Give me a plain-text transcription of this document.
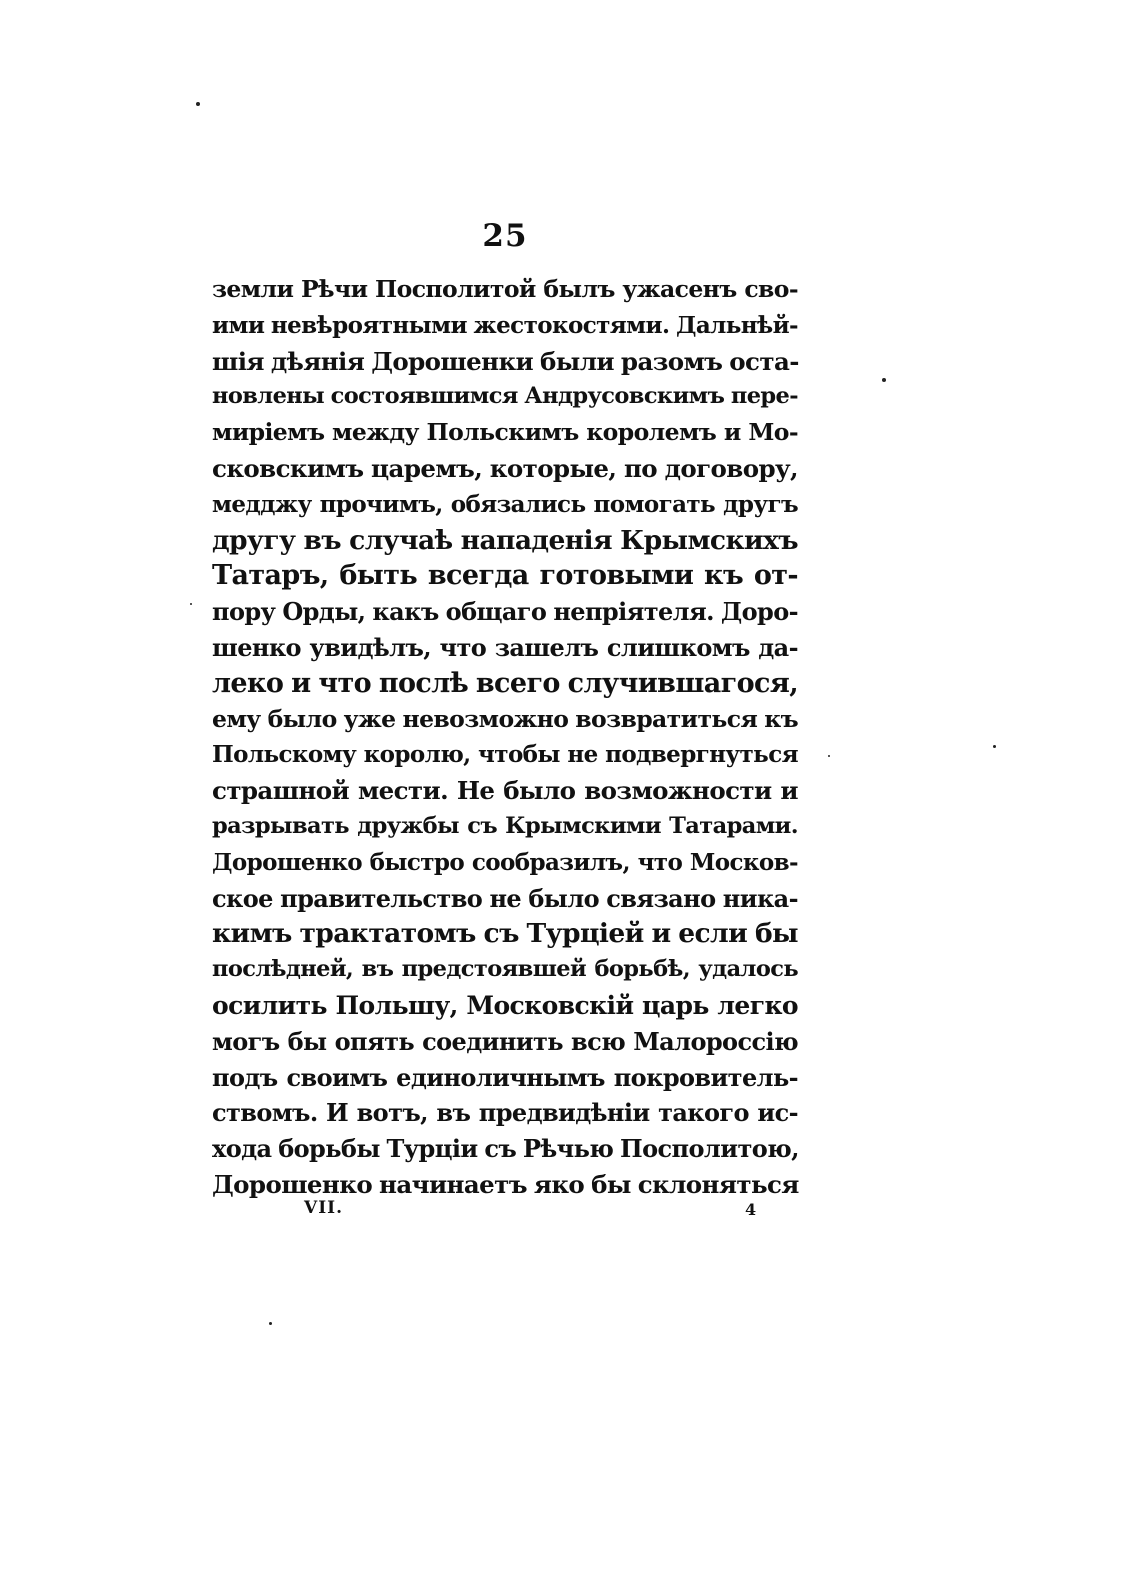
25
земли Рѣчи Посполитой былъ ужасенъ сво-
ими невѣроятными жестокостями. Дальнѣй-
шія дѣянія Дорошенки были разомъ оста-
новлены состоявшимся Андрусовскимъ пере-
миріемъ между Польскимъ королемъ и Мо-
сковскимъ царемъ, которые, по договору,
медджу прочимъ, обязались помогать другъ
другу въ случаѣ нападенія Крымскихъ
Татаръ, быть всегда готовыми къ от-
пору Орды, какъ общаго непріятеля. Доро-
шенко увидѣлъ, что зашелъ слишкомъ да-
леко и что послѣ всего случившагося,
ему было уже невозможно возвратиться къ
Польскому королю, чтобы не подвергнуться
страшной мести. Не было возможности и
разрывать дружбы съ Крымскими Татарами.
Дорошенко быстро сообразилъ, что Москов-
ское правительство не было связано ника-
кимъ трактатомъ съ Турціей и если бы
послѣдней, въ предстоявшей борьбѣ, удалось
осилить Польшу, Московскій царь легко
могъ бы опять соединить всю Малороссію
подъ своимъ единоличнымъ покровитель-
ствомъ. И вотъ, въ предвидѣніи такого ис-
хода борьбы Турціи съ Рѣчью Посполитою,
Дорошенко начинаетъ яко бы склоняться
VII.	4
